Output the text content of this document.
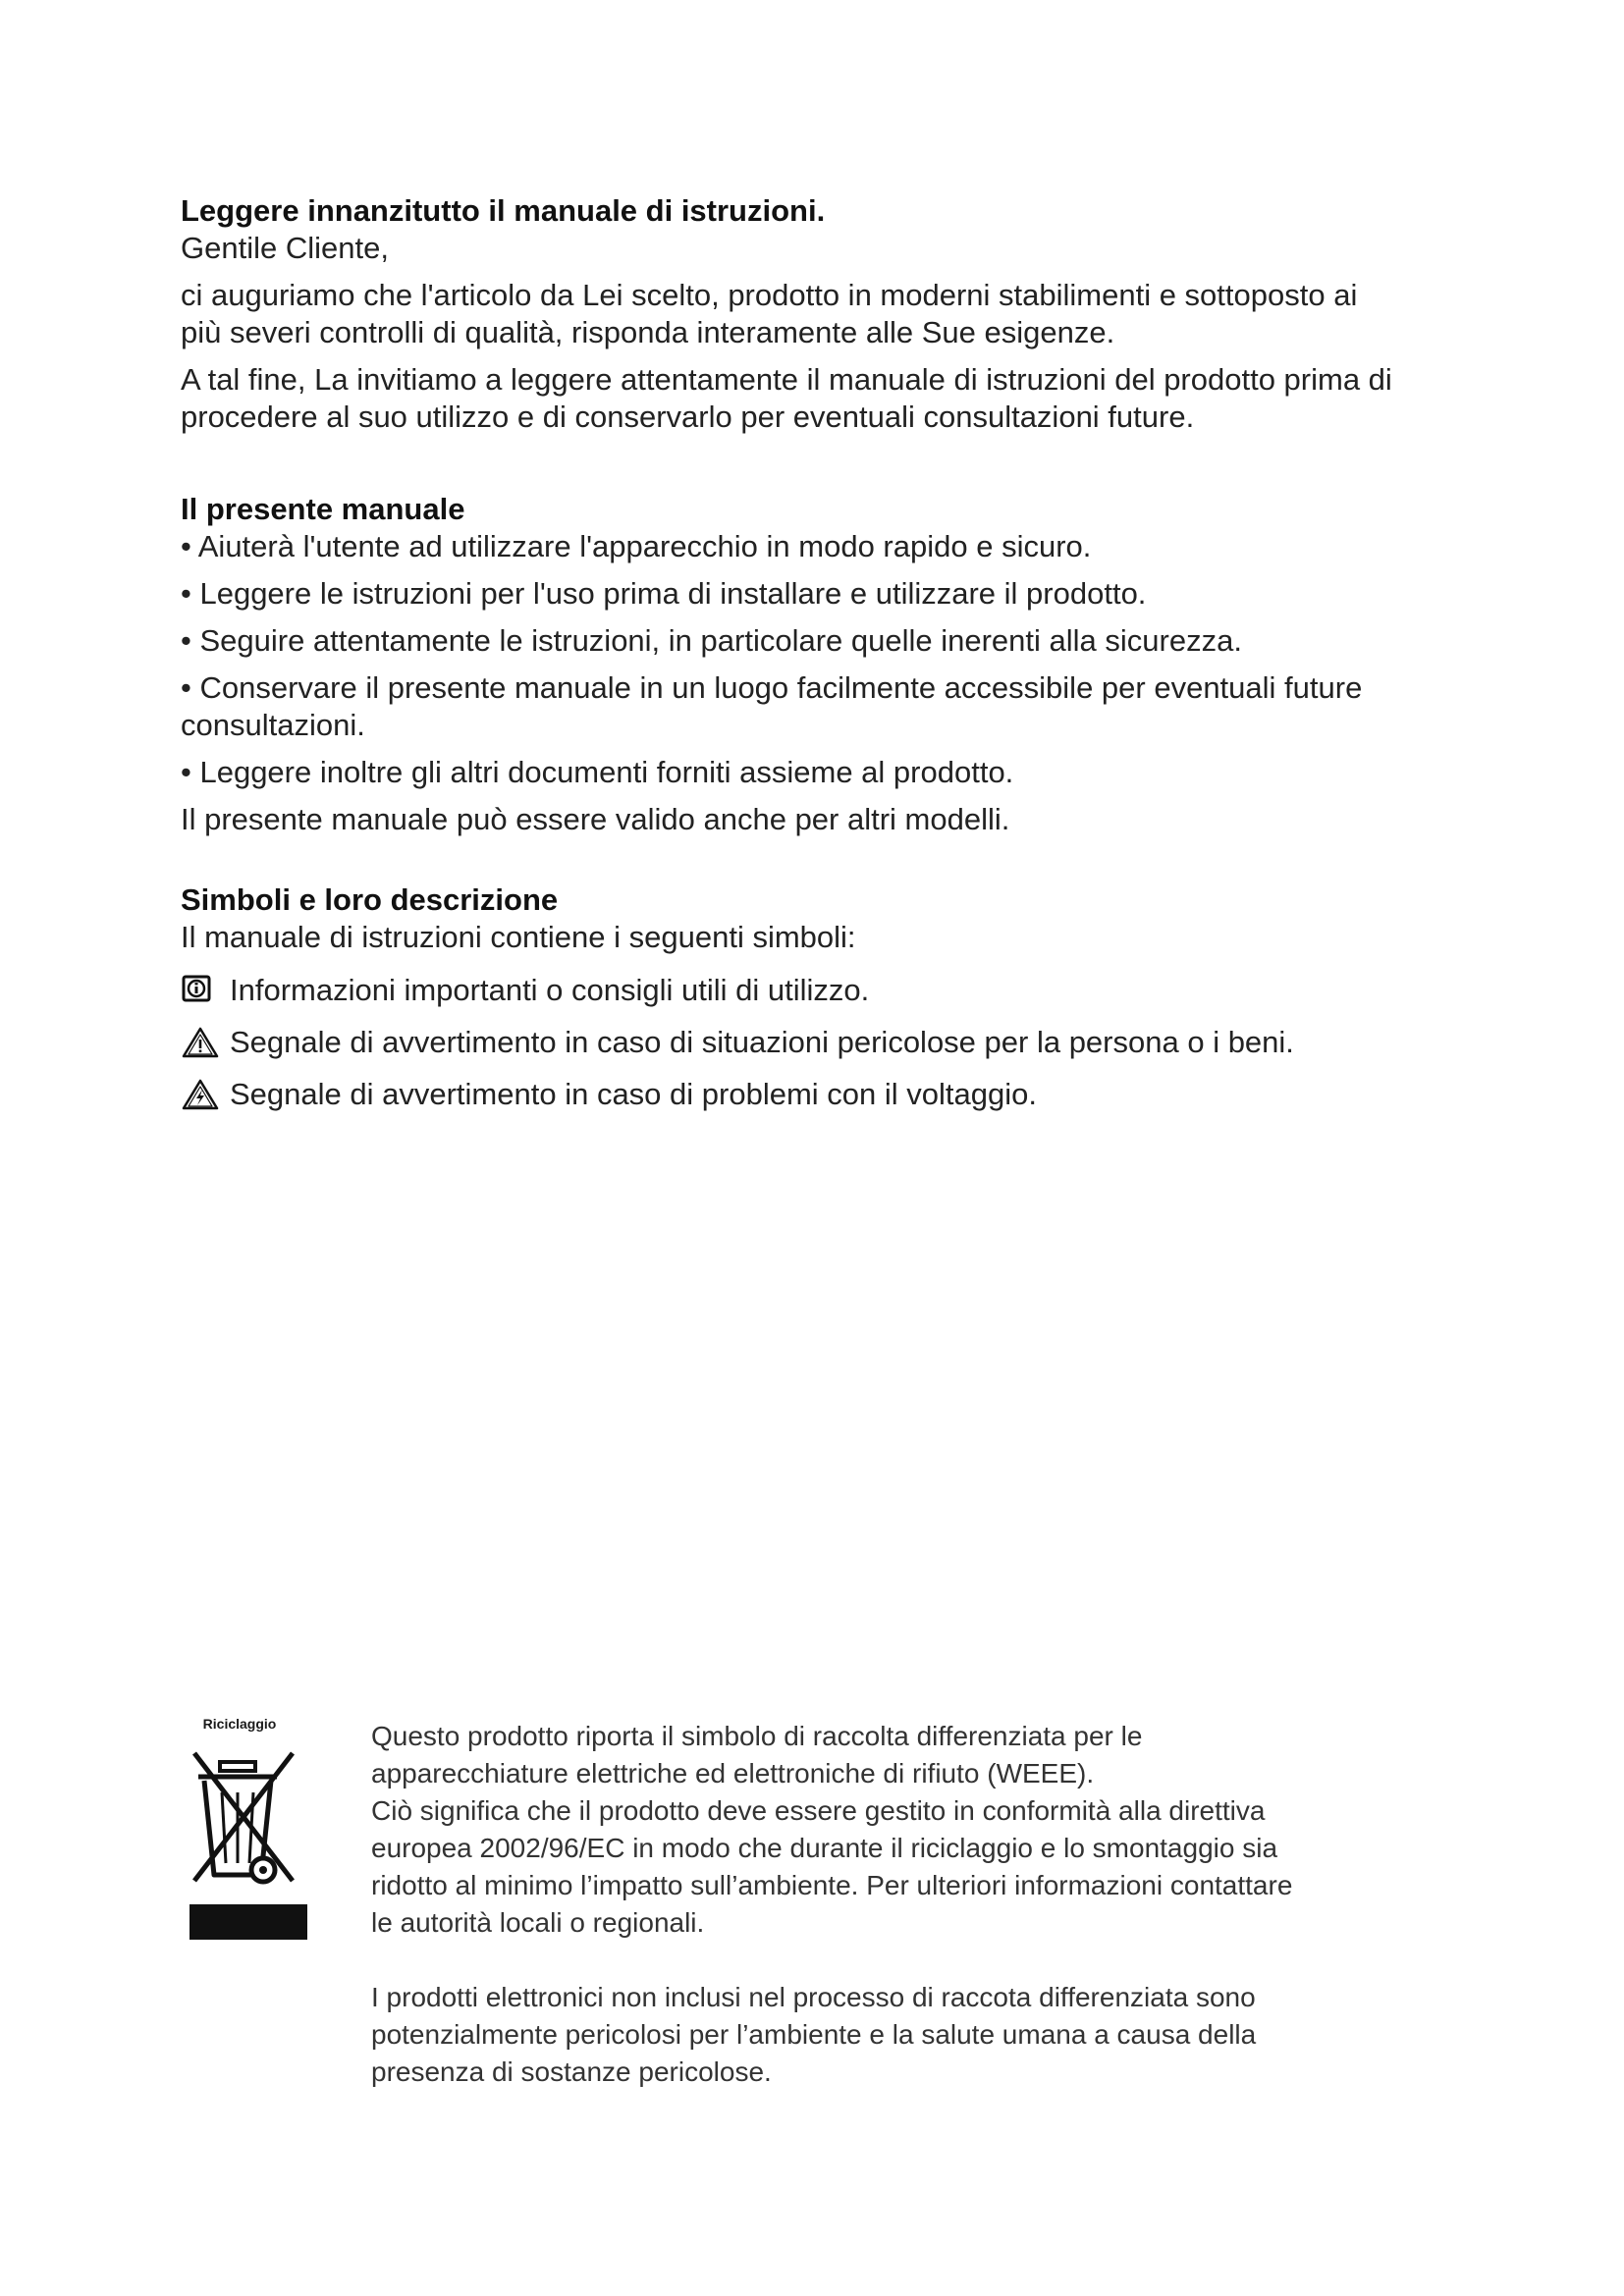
Leggere innanzitutto il manuale di istruzioni.

Gentile Cliente,

ci auguriamo che l'articolo da Lei scelto, prodotto in moderni stabilimenti e sottoposto ai

più severi controlli di qualità, risponda interamente alle Sue esigenze.

A tal fine, La invitiamo a leggere attentamente il manuale di istruzioni del prodotto prima di

procedere al suo utilizzo e di conservarlo per eventuali consultazioni future.

Il presente manuale

• Aiuterà l'utente ad utilizzare l'apparecchio in modo rapido e sicuro.

• Leggere le istruzioni per l'uso prima di installare e utilizzare il prodotto.

• Seguire attentamente le istruzioni, in particolare quelle inerenti alla sicurezza.

• Conservare il presente manuale in un luogo facilmente accessibile per eventuali future

consultazioni.

• Leggere inoltre gli altri documenti forniti assieme al prodotto.

Il presente manuale può essere valido anche per altri modelli.

Simboli e loro descrizione

Il manuale di istruzioni contiene i seguenti simboli:

Informazioni importanti o consigli utili di utilizzo.
Segnale di avvertimento in caso di situazioni pericolose per la persona o i beni.
Segnale di avvertimento in caso di problemi con il voltaggio.

Riciclaggio	Questo prodotto riporta il simbolo di raccolta differenziata per le

apparecchiature elettriche ed elettroniche di rifiuto (WEEE).

Ciò significa che il prodotto deve essere gestito in conformità alla direttiva

europea 2002/96/EC in modo che durante il riciclaggio e lo smontaggio sia

ridotto al minimo l’impatto sull’ambiente. Per ulteriori informazioni contattare

le autorità locali o regionali.

I prodotti elettronici non inclusi nel processo di raccota differenziata sono

potenzialmente pericolosi per l’ambiente e la salute umana a causa della

presenza di sostanze pericolose.
